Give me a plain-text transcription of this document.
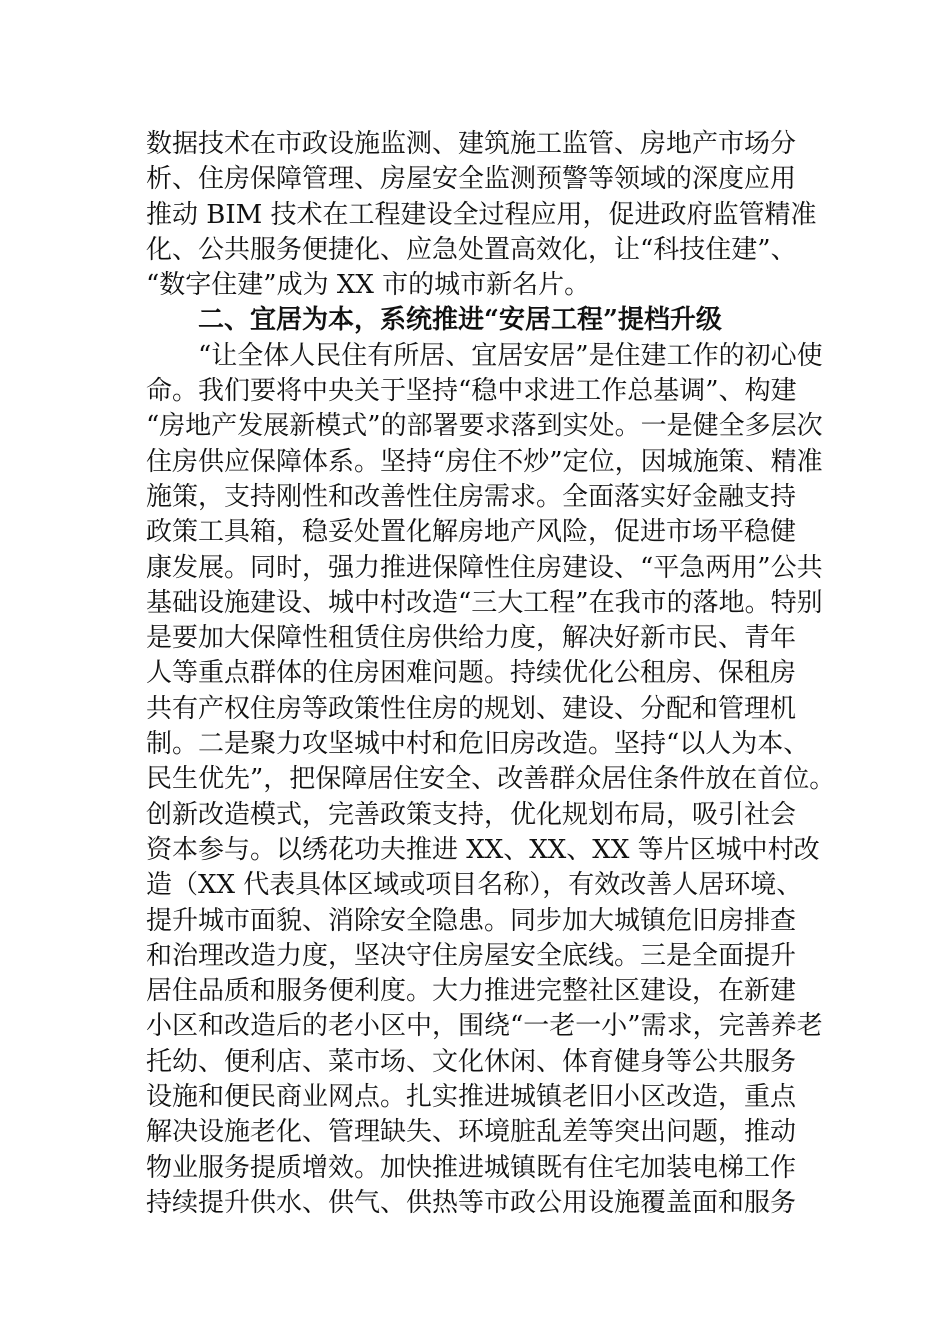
数据技术在市政设施监测、建筑施工监管、房地产市场分
析、住房保障管理、房屋安全监测预警等领域的深度应用
推动 BIM 技术在工程建设全过程应用，促进政府监管精准
化、公共服务便捷化、应急处置高效化，让“科技住建”、
“数字住建”成为 XX 市的城市新名片。
二、宜居为本，系统推进“安居工程”提档升级
“让全体人民住有所居、宜居安居”是住建工作的初心使
命。我们要将中央关于坚持“稳中求进工作总基调”、构建
“房地产发展新模式”的部署要求落到实处。一是健全多层次
住房供应保障体系。坚持“房住不炒”定位，因城施策、精准
施策，支持刚性和改善性住房需求。全面落实好金融支持
政策工具箱，稳妥处置化解房地产风险，促进市场平稳健
康发展。同时，强力推进保障性住房建设、“平急两用”公共
基础设施建设、城中村改造“三大工程”在我市的落地。特别
是要加大保障性租赁住房供给力度，解决好新市民、青年
人等重点群体的住房困难问题。持续优化公租房、保租房
共有产权住房等政策性住房的规划、建设、分配和管理机
制。二是聚力攻坚城中村和危旧房改造。坚持“以人为本、
民生优先”，把保障居住安全、改善群众居住条件放在首位。
创新改造模式，完善政策支持，优化规划布局，吸引社会
资本参与。以绣花功夫推进 XX、XX、XX 等片区城中村改
造（XX 代表具体区域或项目名称），有效改善人居环境、
提升城市面貌、消除安全隐患。同步加大城镇危旧房排查
和治理改造力度，坚决守住房屋安全底线。三是全面提升
居住品质和服务便利度。大力推进完整社区建设，在新建
小区和改造后的老小区中，围绕“一老一小”需求，完善养老
托幼、便利店、菜市场、文化休闲、体育健身等公共服务
设施和便民商业网点。扎实推进城镇老旧小区改造，重点
解决设施老化、管理缺失、环境脏乱差等突出问题，推动
物业服务提质增效。加快推进城镇既有住宅加装电梯工作
持续提升供水、供气、供热等市政公用设施覆盖面和服务
